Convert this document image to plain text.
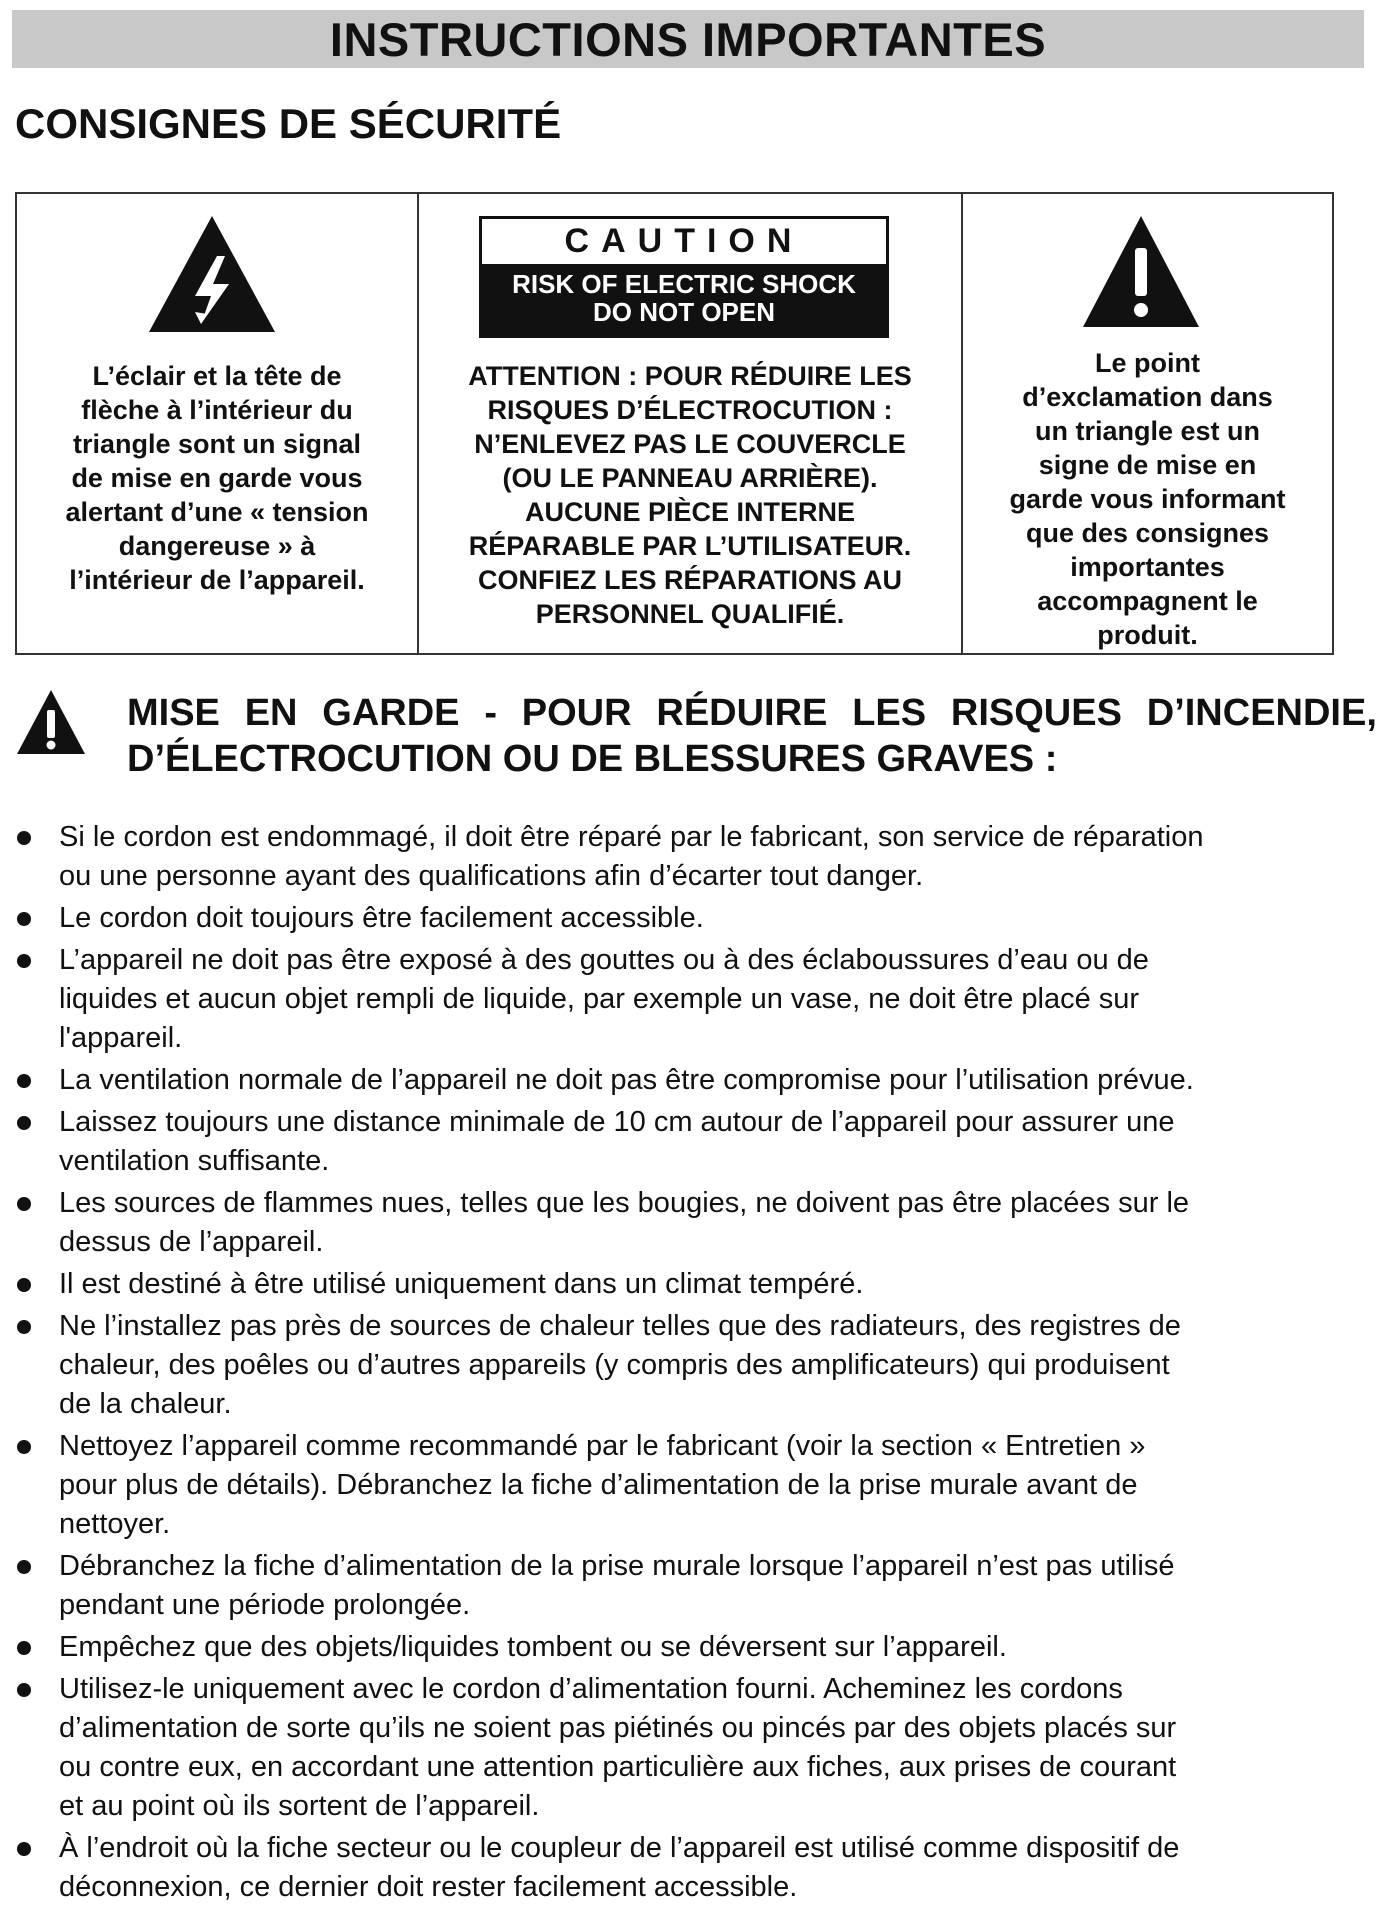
INSTRUCTIONS IMPORTANTES
CONSIGNES DE SÉCURITÉ
L’éclair et la tête de
flèche à l’intérieur du
triangle sont un signal
de mise en garde vous
alertant d’une « tension
dangereuse » à
l’intérieur de l’appareil.
CAUTION
RISK OF ELECTRIC SHOCK
DO NOT OPEN
ATTENTION : POUR RÉDUIRE LES
RISQUES D’ÉLECTROCUTION :
N’ENLEVEZ PAS LE COUVERCLE
(OU LE PANNEAU ARRIÈRE).
AUCUNE PIÈCE INTERNE
RÉPARABLE PAR L’UTILISATEUR.
CONFIEZ LES RÉPARATIONS AU
PERSONNEL QUALIFIÉ.
Le point
d’exclamation dans
un triangle est un
signe de mise en
garde vous informant
que des consignes
importantes
accompagnent le
produit.
MISE EN GARDE - POUR RÉDUIRE LES RISQUES D’INCENDIE,
D’ÉLECTROCUTION OU DE BLESSURES GRAVES :
Si le cordon est endommagé, il doit être réparé par le fabricant, son service de réparation
ou une personne ayant des qualifications afin d’écarter tout danger.
Le cordon doit toujours être facilement accessible.
L’appareil ne doit pas être exposé à des gouttes ou à des éclaboussures d’eau ou de
liquides et aucun objet rempli de liquide, par exemple un vase, ne doit être placé sur
l'appareil.
La ventilation normale de l’appareil ne doit pas être compromise pour l’utilisation prévue.
Laissez toujours une distance minimale de 10 cm autour de l’appareil pour assurer une
ventilation suffisante.
Les sources de flammes nues, telles que les bougies, ne doivent pas être placées sur le
dessus de l’appareil.
Il est destiné à être utilisé uniquement dans un climat tempéré.
Ne l’installez pas près de sources de chaleur telles que des radiateurs, des registres de
chaleur, des poêles ou d’autres appareils (y compris des amplificateurs) qui produisent
de la chaleur.
Nettoyez l’appareil comme recommandé par le fabricant (voir la section « Entretien »
pour plus de détails). Débranchez la fiche d’alimentation de la prise murale avant de
nettoyer.
Débranchez la fiche d’alimentation de la prise murale lorsque l’appareil n’est pas utilisé
pendant une période prolongée.
Empêchez que des objets/liquides tombent ou se déversent sur l’appareil.
Utilisez-le uniquement avec le cordon d’alimentation fourni. Acheminez les cordons
d’alimentation de sorte qu’ils ne soient pas piétinés ou pincés par des objets placés sur
ou contre eux, en accordant une attention particulière aux fiches, aux prises de courant
et au point où ils sortent de l’appareil.
À l’endroit où la fiche secteur ou le coupleur de l’appareil est utilisé comme dispositif de
déconnexion, ce dernier doit rester facilement accessible.
